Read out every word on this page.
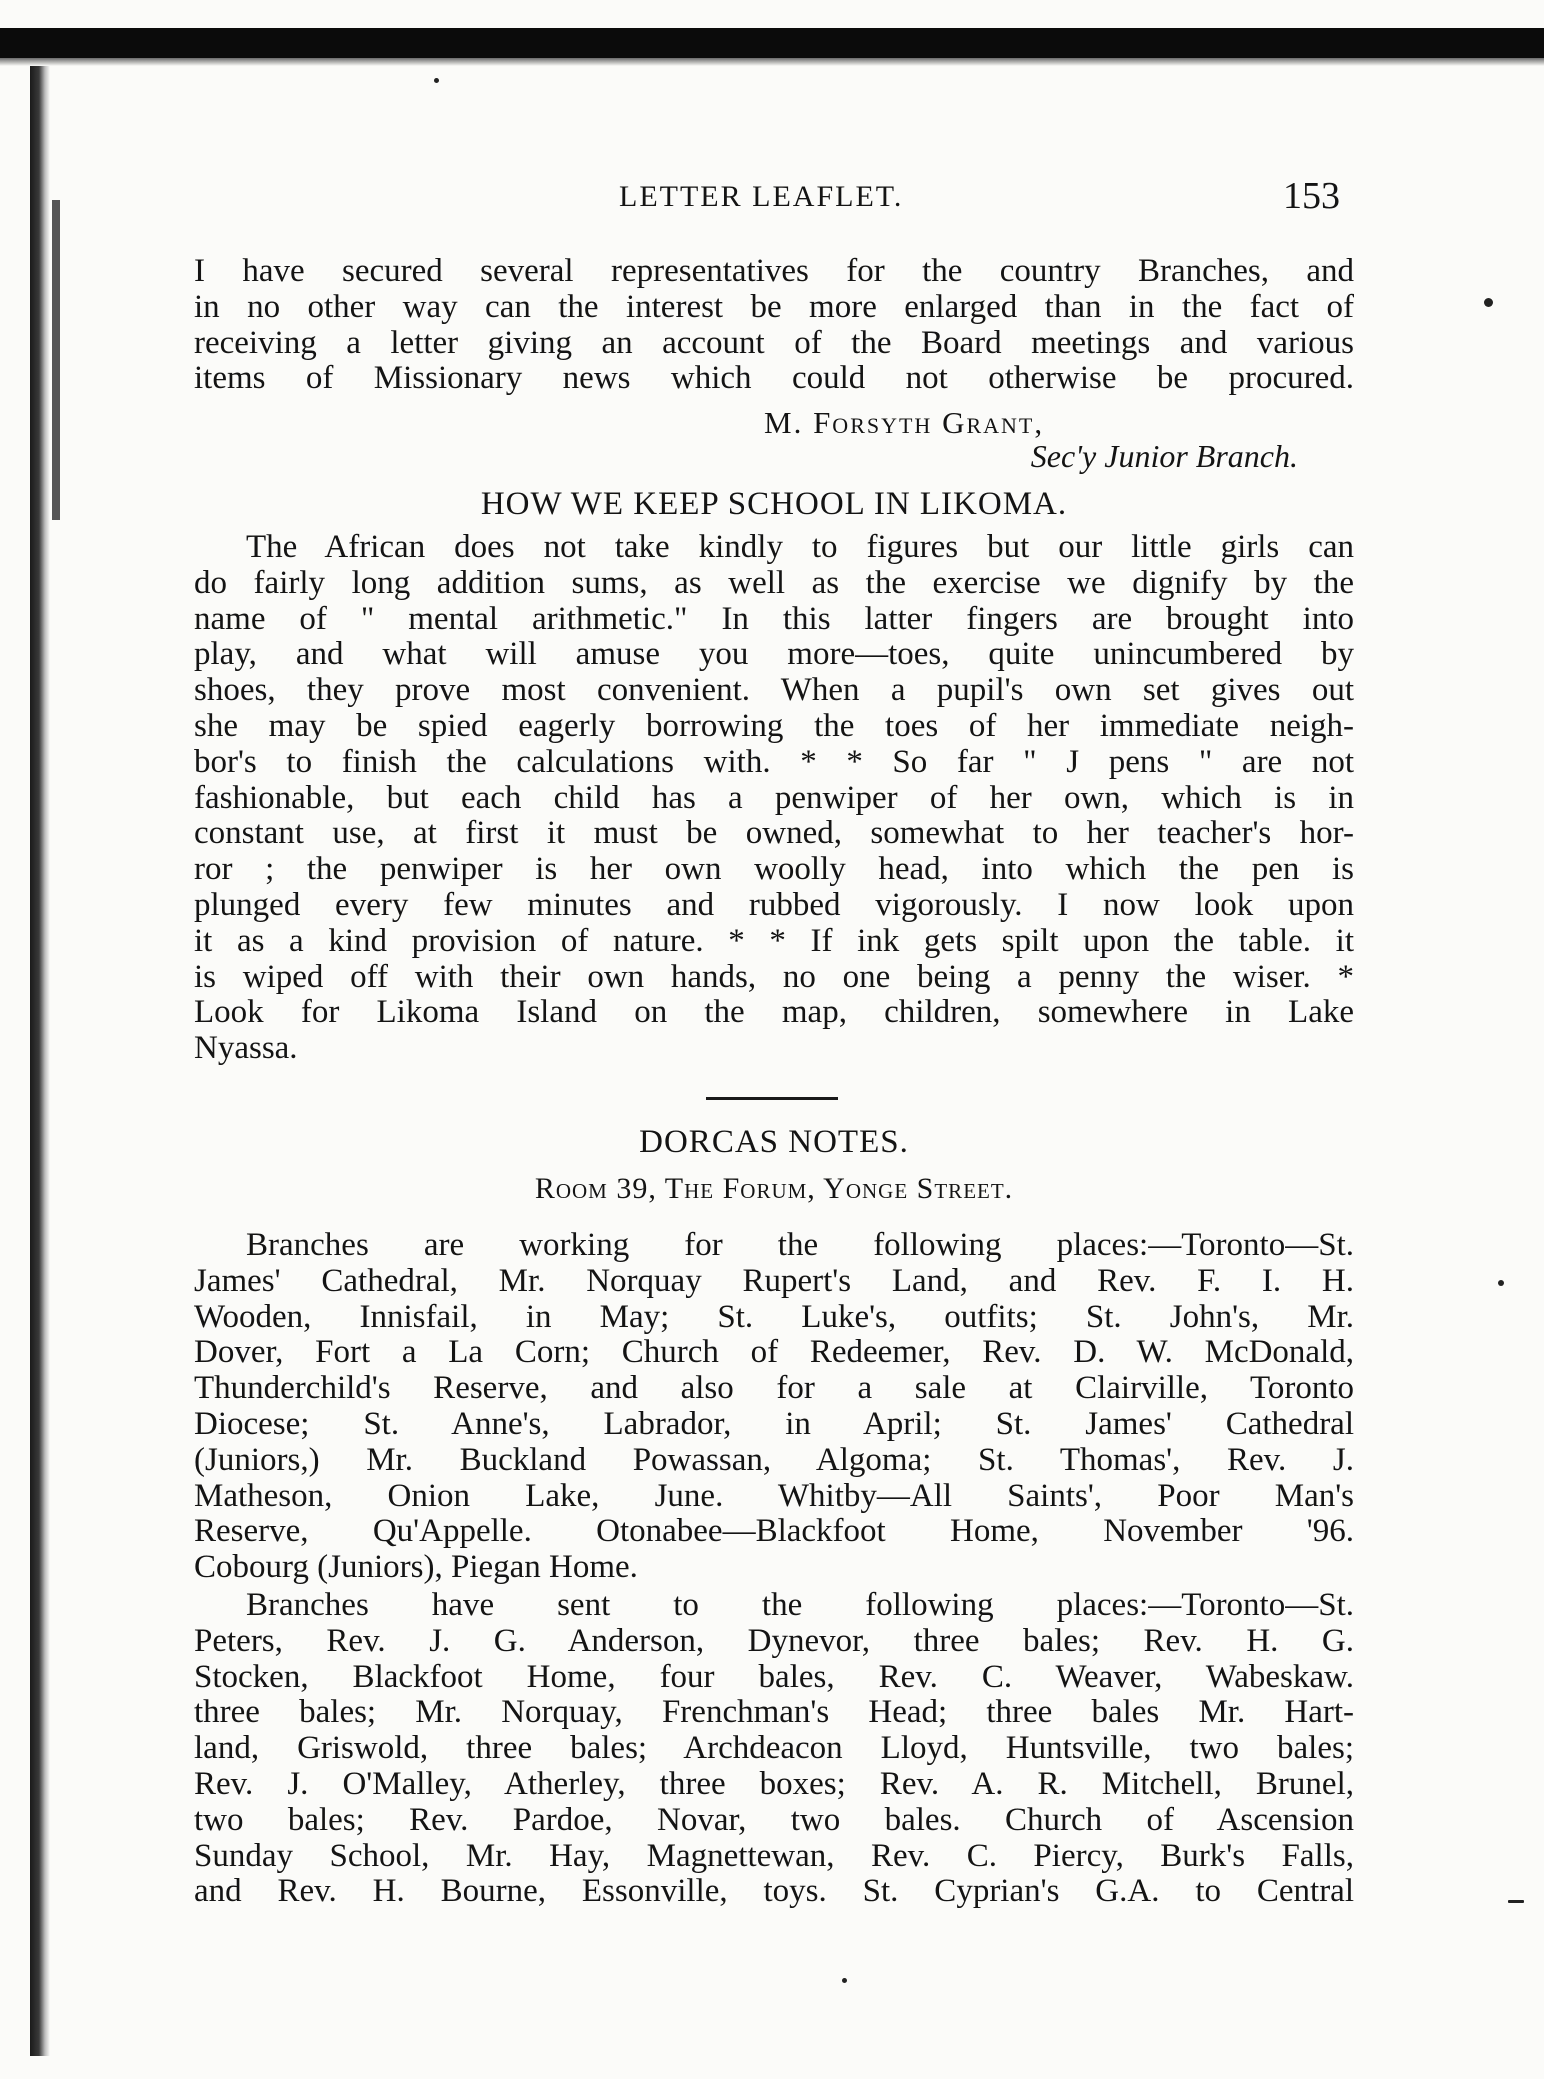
LETTER LEAFLET.	153
I have secured several representatives for the country Branches, and
in no other way can the interest be more enlarged than in the fact of
receiving a letter giving an account of the Board meetings and various
items of Missionary news which could not otherwise be procured.
M. Forsyth Grant,
Sec'y Junior Branch.
HOW WE KEEP SCHOOL IN LIKOMA.
The African does not take kindly to figures but our little girls can
do fairly long addition sums, as well as the exercise we dignify by the
name of " mental arithmetic." In this latter fingers are brought into
play, and what will amuse you more—toes, quite unincumbered by
shoes, they prove most convenient. When a pupil's own set gives out
she may be spied eagerly borrowing the toes of her immediate neigh-
bor's to finish the calculations with. * * So far " J pens " are not
fashionable, but each child has a penwiper of her own, which is in
constant use, at first it must be owned, somewhat to her teacher's hor-
ror ; the penwiper is her own woolly head, into which the pen is
plunged every few minutes and rubbed vigorously. I now look upon
it as a kind provision of nature. * * If ink gets spilt upon the table. it
is wiped off with their own hands, no one being a penny the wiser. *
Look for Likoma Island on the map, children, somewhere in Lake
Nyassa.
DORCAS NOTES.
Room 39, The Forum, Yonge Street.
Branches are working for the following places:—Toronto—St.
James' Cathedral, Mr. Norquay Rupert's Land, and Rev. F. I. H.
Wooden, Innisfail, in May; St. Luke's, outfits; St. John's, Mr.
Dover, Fort a La Corn; Church of Redeemer, Rev. D. W. McDonald,
Thunderchild's Reserve, and also for a sale at Clairville, Toronto
Diocese; St. Anne's, Labrador, in April; St. James' Cathedral
(Juniors,) Mr. Buckland Powassan, Algoma; St. Thomas', Rev. J.
Matheson, Onion Lake, June. Whitby—All Saints', Poor Man's
Reserve, Qu'Appelle. Otonabee—Blackfoot Home, November '96.
Cobourg (Juniors), Piegan Home.
Branches have sent to the following places:—Toronto—St.
Peters, Rev. J. G. Anderson, Dynevor, three bales; Rev. H. G.
Stocken, Blackfoot Home, four bales, Rev. C. Weaver, Wabeskaw.
three bales; Mr. Norquay, Frenchman's Head; three bales Mr. Hart-
land, Griswold, three bales; Archdeacon Lloyd, Huntsville, two bales;
Rev. J. O'Malley, Atherley, three boxes; Rev. A. R. Mitchell, Brunel,
two bales; Rev. Pardoe, Novar, two bales. Church of Ascension
Sunday School, Mr. Hay, Magnettewan, Rev. C. Piercy, Burk's Falls,
and Rev. H. Bourne, Essonville, toys. St. Cyprian's G.A. to Central
